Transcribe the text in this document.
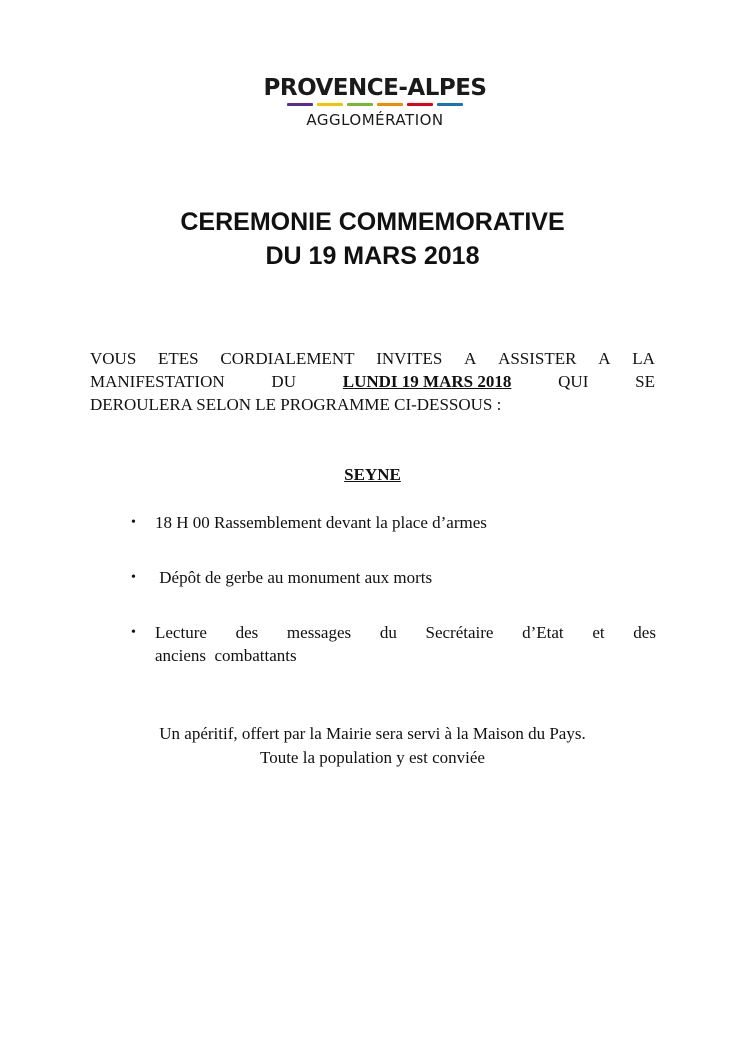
PROVENCE-ALPES
AGGLOMÉRATION
CEREMONIE COMMEMORATIVE
DU 19 MARS 2018
VOUS ETES CORDIALEMENT INVITES A ASSISTER A LA
MANIFESTATION	DU	LUNDI 19 MARS 2018	QUI	SE
DEROULERA SELON LE PROGRAMME CI-DESSOUS :
SEYNE
• 18 H 00 Rassemblement devant la place d’armes
• Dépôt de gerbe au monument aux morts
• Lecture des messages du Secrétaire d’Etat et des
anciens  combattants
Un apéritif, offert par la Mairie sera servi à la Maison du Pays.
Toute la population y est conviée
